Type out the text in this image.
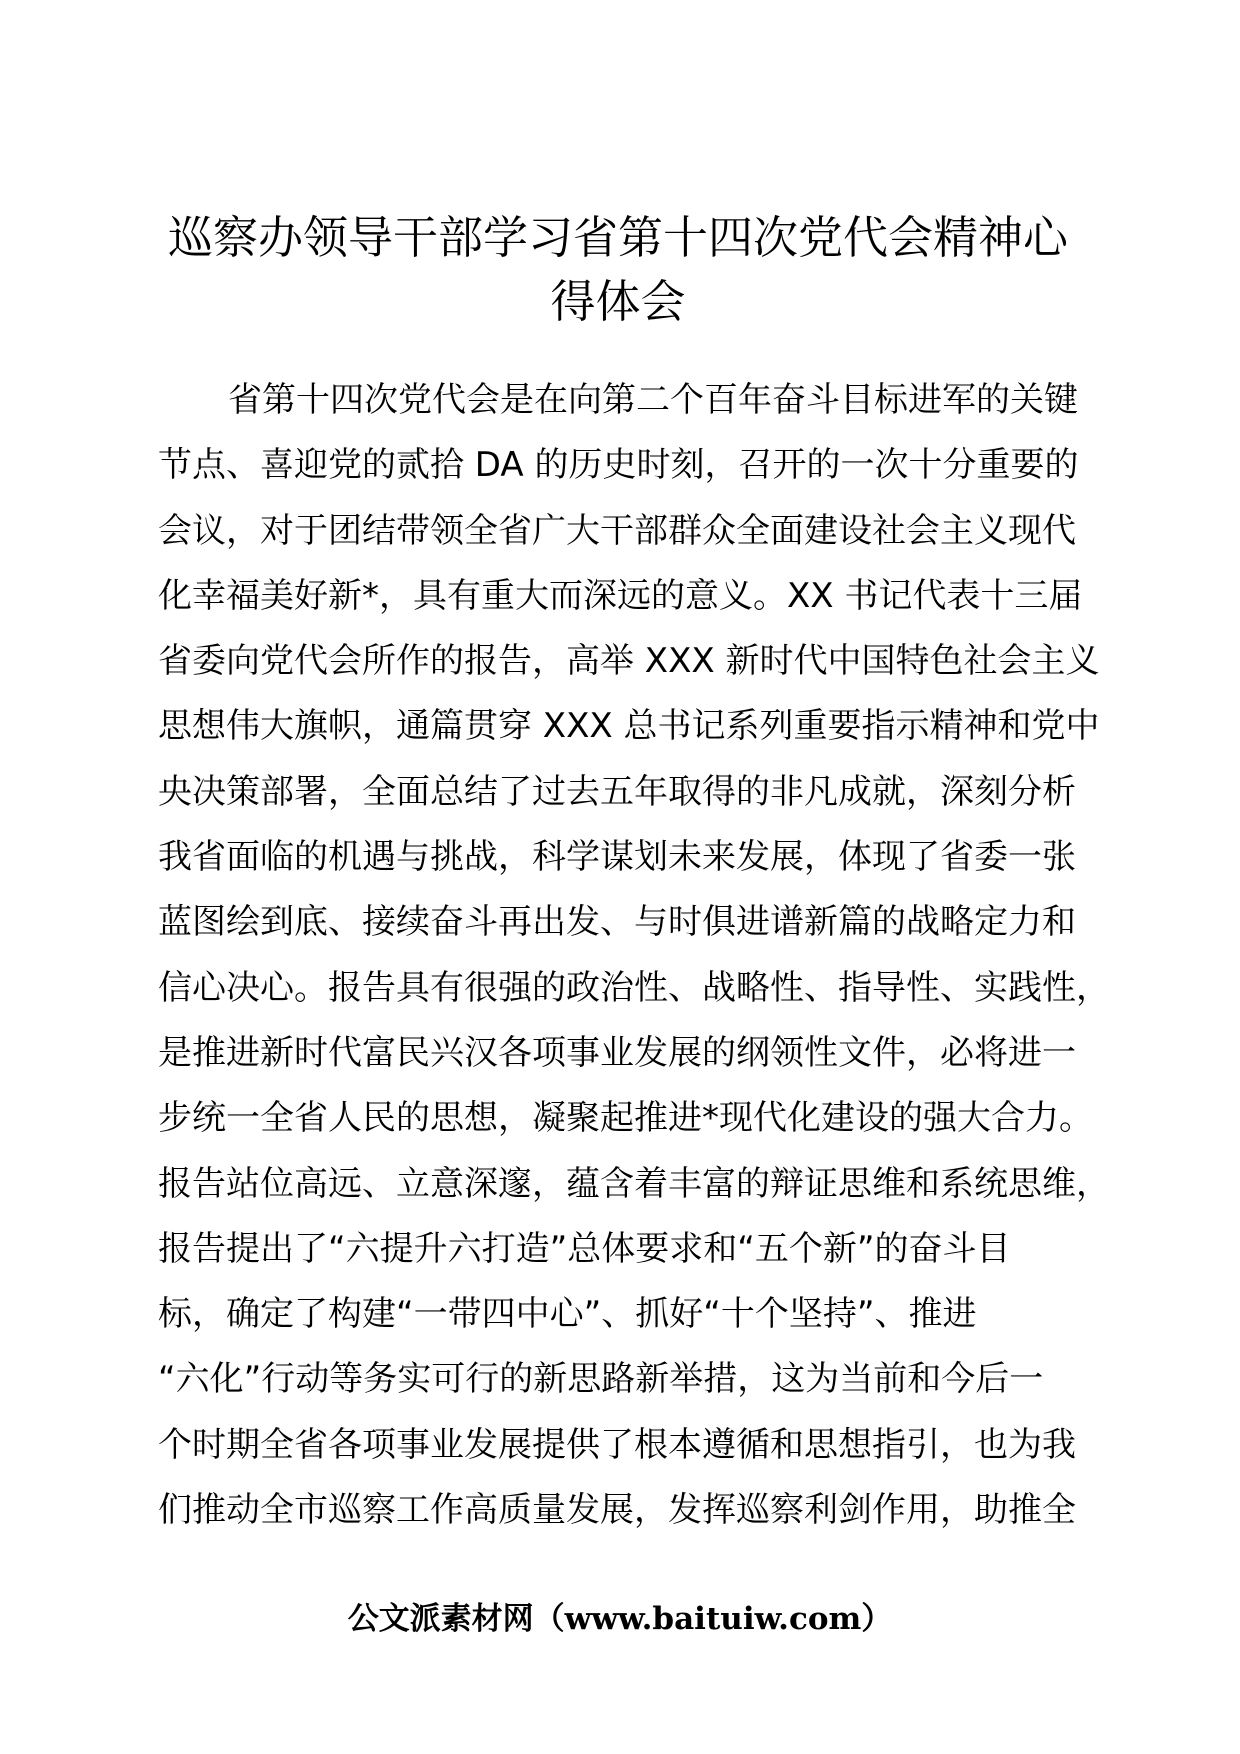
巡察办领导干部学习省第十四次党代会精神心
得体会
省第十四次党代会是在向第二个百年奋斗目标进军的关键
节点、喜迎党的贰拾 DA 的历史时刻，召开的一次十分重要的
会议，对于团结带领全省广大干部群众全面建设社会主义现代
化幸福美好新*，具有重大而深远的意义。XX 书记代表十三届
省委向党代会所作的报告，高举 XXX 新时代中国特色社会主义
思想伟大旗帜，通篇贯穿 XXX 总书记系列重要指示精神和党中
央决策部署，全面总结了过去五年取得的非凡成就，深刻分析
我省面临的机遇与挑战，科学谋划未来发展，体现了省委一张
蓝图绘到底、接续奋斗再出发、与时俱进谱新篇的战略定力和
信心决心。报告具有很强的政治性、战略性、指导性、实践性，
是推进新时代富民兴汉各项事业发展的纲领性文件，必将进一
步统一全省人民的思想，凝聚起推进*现代化建设的强大合力。
报告站位高远、立意深邃，蕴含着丰富的辩证思维和系统思维，
报告提出了“六提升六打造”总体要求和“五个新”的奋斗目
标，确定了构建“一带四中心”、抓好“十个坚持”、推进
“六化”行动等务实可行的新思路新举措，这为当前和今后一
个时期全省各项事业发展提供了根本遵循和思想指引，也为我
们推动全市巡察工作高质量发展，发挥巡察利剑作用，助推全
公文派素材网（www.baituiw.com）
